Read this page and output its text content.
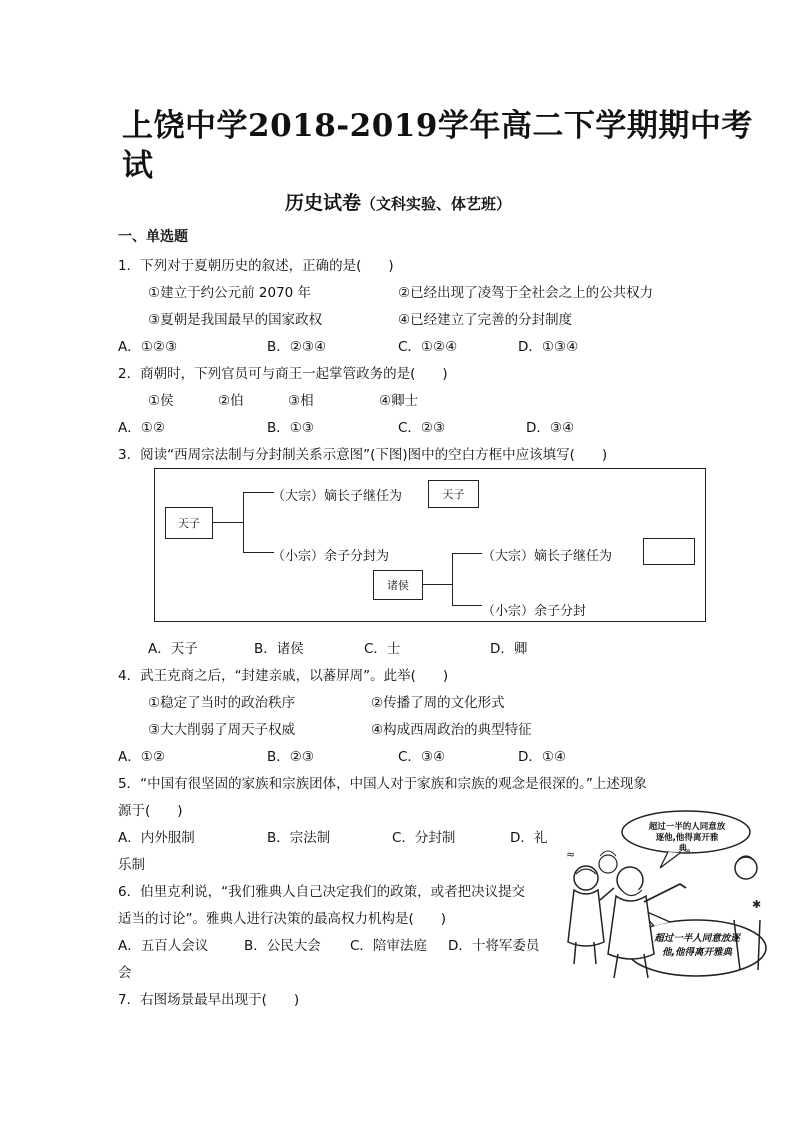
上饶中学2018-2019学年高二下学期期中考
试
历史试卷（文科实验、体艺班）
一、单选题
1．下列对于夏朝历史的叙述，正确的是(　　)
①建立于约公元前 2070 年	②已经出现了凌驾于全社会之上的公共权力
③夏朝是我国最早的国家政权	④已经建立了完善的分封制度
A．①②③	B．②③④	C．①②④	D．①③④
2．商朝时，下列官员可与商王一起掌管政务的是(　　)
①侯	②伯	③相	④卿士
A．①②	B．①③	C．②③	D．③④
3．阅读“西周宗法制与分封制关系示意图”(下图)图中的空白方框中应该填写(　　)
天子
（大宗）嫡长子继任为	天子
（小宗）余子分封为
诸侯
（大宗）嫡长子继任为
（小宗）余子分封
A．天子	B．诸侯	C．士	D．卿
4．武王克商之后，“封建亲戚，以蕃屏周”。此举(　　)
①稳定了当时的政治秩序	②传播了周的文化形式
③大大削弱了周天子权威	④构成西周政治的典型特征
A．①②	B．②③	C．③④	D．①④
5．“中国有很坚固的家族和宗族团体，中国人对于家族和宗族的观念是很深的。”上述现象
源于(　　)
A．内外服制	B．宗法制	C．分封制	D．礼
乐制
6．伯里克利说，“我们雅典人自己决定我们的政策，或者把决议提交
适当的讨论”。雅典人进行决策的最高权力机构是(　　)
A．五百人会议	B．公民大会 C．陪审法庭 D．十将军委员
会
7．右图场景最早出现于(　　)
≈
✱
超过一半的人同意放逐他,他得离开雅典。
超过一半人同意放逐他,他得离开雅典
